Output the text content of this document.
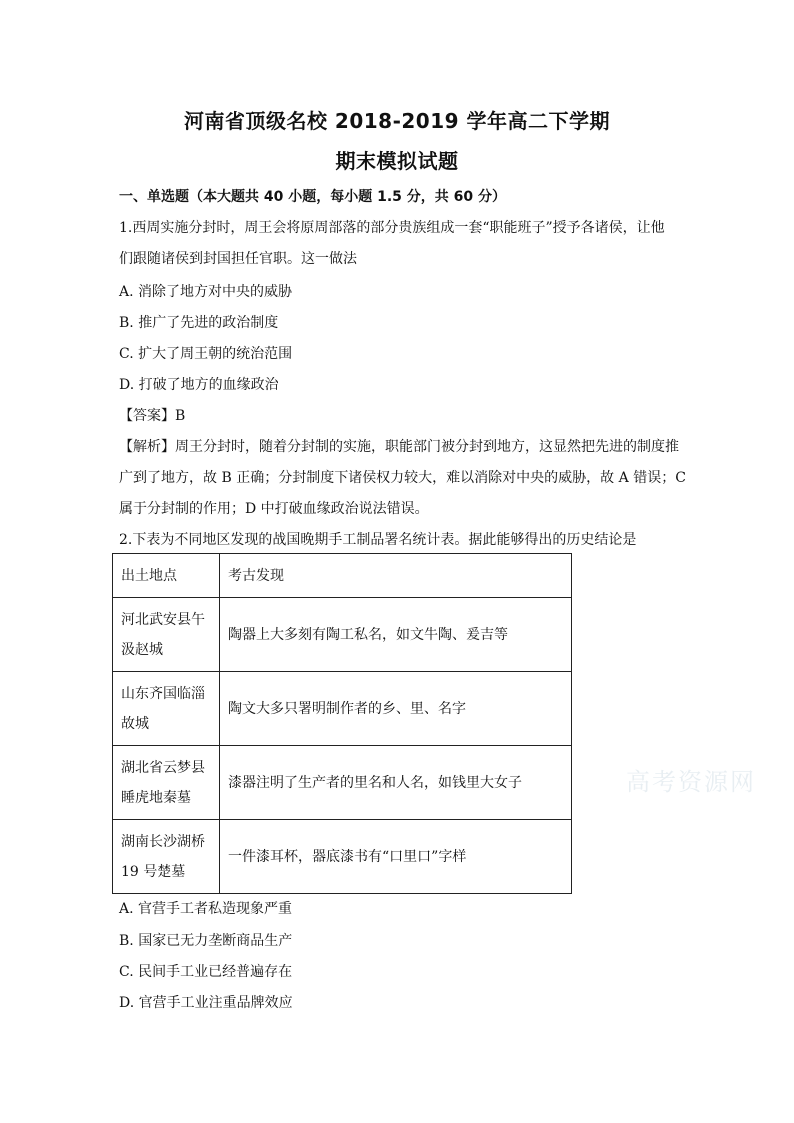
河南省顶级名校 2018-2019 学年高二下学期
期末模拟试题
一、单选题（本大题共 40 小题，每小题 1.5 分，共 60 分）
1.西周实施分封时，周王会将原周部落的部分贵族组成一套“职能班子”授予各诸侯，让他
们跟随诸侯到封国担任官职。这一做法
A. 消除了地方对中央的威胁
B. 推广了先进的政治制度
C. 扩大了周王朝的统治范围
D. 打破了地方的血缘政治
【答案】B
【解析】周王分封时，随着分封制的实施，职能部门被分封到地方，这显然把先进的制度推
广到了地方，故 B 正确；分封制度下诸侯权力较大，难以消除对中央的威胁，故 A 错误；C
属于分封制的作用；D 中打破血缘政治说法错误。
2.下表为不同地区发现的战国晚期手工制品署名统计表。据此能够得出的历史结论是
出土地点	考古发现
河北武安县午
汲赵城	陶器上大多刻有陶工私名，如文牛陶、爰吉等
山东齐国临淄
故城	陶文大多只署明制作者的乡、里、名字
湖北省云梦县
睡虎地秦墓	漆器注明了生产者的里名和人名，如钱里大女子
湖南长沙湖桥
19 号楚墓	一件漆耳杯，器底漆书有“口里口”字样
A. 官营手工者私造现象严重
B. 国家已无力垄断商品生产
C. 民间手工业已经普遍存在
D. 官营手工业注重品牌效应
高考资源网
